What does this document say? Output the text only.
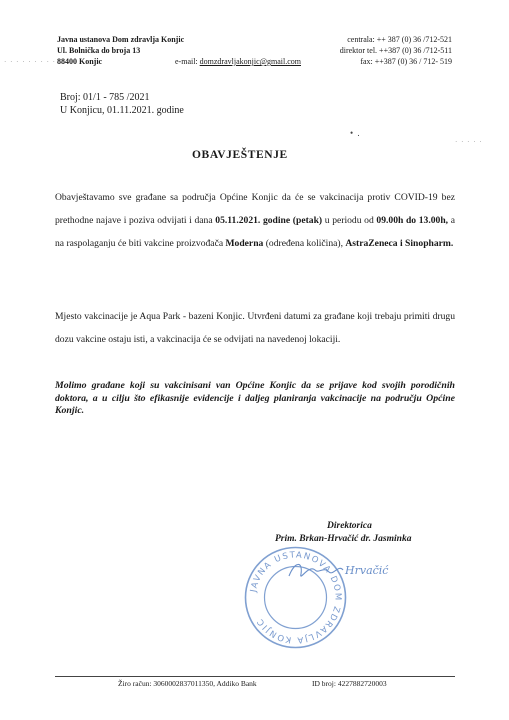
Javna ustanova Dom zdravlja Konjic
Ul. Bolnička do broja 13
88400 Konjic	e-mail: domzdravljakonjic@gmail.com
centrala: ++ 387 (0) 36 /712-521
direktor tel. ++387 (0) 36 /712-511
fax: ++387 (0) 36 / 712- 519
· · · · · · · · ·
· · · · ·
• .
Broj: 01/1 - 785 /2021
U Konjicu, 01.11.2021. godine
OBAVJEŠTENJE
Obavještavamo sve građane sa područja Općine Konjic da će se vakcinacija protiv COVID-19 bez prethodne najave i poziva odvijati i dana 05.11.2021. godine (petak) u periodu od 09.00h do 13.00h, a na raspolaganju će biti vakcine proizvođača Moderna (određena količina), AstraZeneca i Sinopharm.
Mjesto vakcinacije je Aqua Park - bazeni Konjic. Utvrđeni datumi za građane koji trebaju primiti drugu dozu vakcine ostaju isti, a vakcinacija će se odvijati na navedenoj lokaciji.
Molimo građane koji su vakcinisani van Općine Konjic da se prijave kod svojih porodičnih doktora, a u cilju što efikasnije evidencije i daljeg planiranja vakcinacije na području Općine Konjic.
Direktorica
Prim. Brkan-Hrvačić dr. Jasminka
JAVNA USTANOVA DOM ZDRAVLJA KONJIC
Hrvačić
Žiro račun: 3060002837011350, Addiko Bank	ID broj: 4227882720003
